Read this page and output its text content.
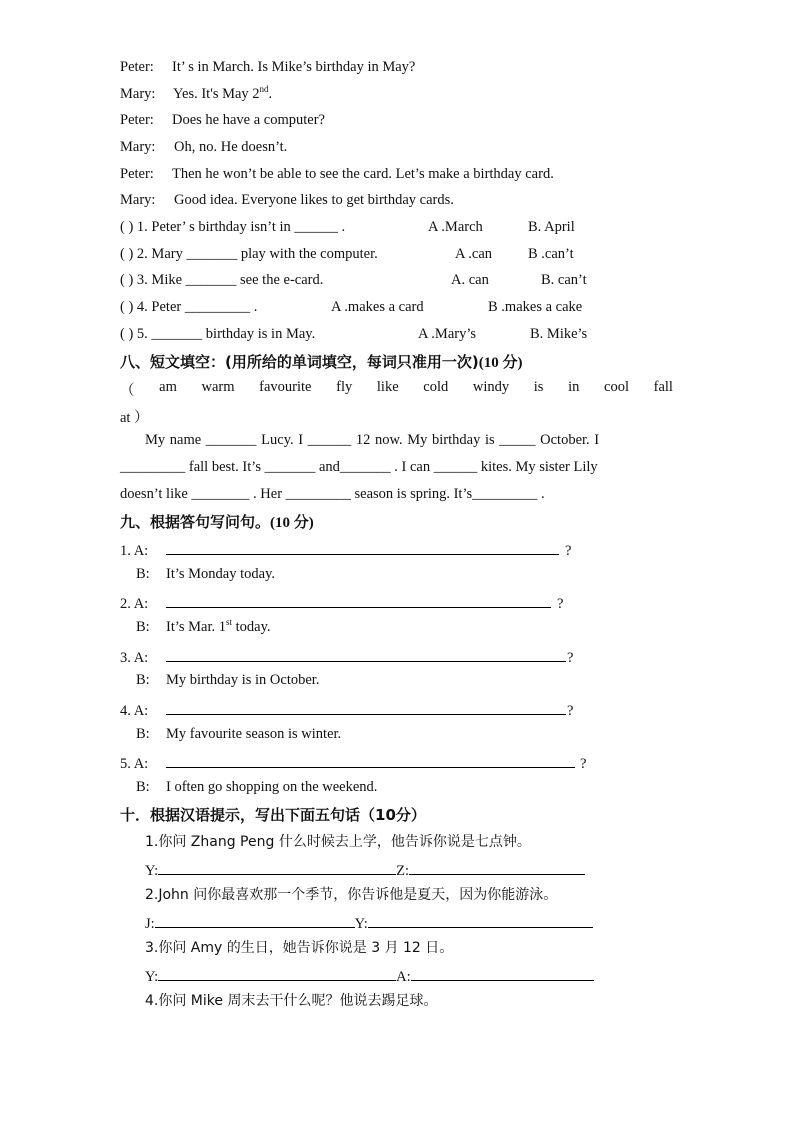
Peter: It’ s in March. Is Mike’s birthday in May?
Mary: Yes. It's May 2nd.
Peter: Does he have a computer?
Mary: Oh, no. He doesn’t.
Peter: Then he won’t be able to see the card. Let’s make a birthday card.
Mary: Good idea. Everyone likes to get birthday cards.
( ) 1. Peter’ s birthday isn’t in ______ .	A .March	B. April
( ) 2. Mary _______ play with the computer.	A .can B .can’t
( ) 3. Mike _______ see the e-card.	A. can	B. can’t
( ) 4. Peter _________ .	A .makes a card	B .makes a cake
( ) 5. _______ birthday is in May.	A .Mary’s	B. Mike’s
八、短文填空：(用所给的单词填空，每词只准用一次)(10 分)
（ am warm favourite fly like cold windy is in cool fall
at ）
My name _______ Lucy. I ______ 12 now. My birthday is _____ October. I
_________ fall best. It’s _______ and_______ . I can ______ kites. My sister Lily
doesn’t like ________ . Her _________ season is spring. It’s_________ .
九、根据答句写问句。(10 分)
1. A:	?
B: It’s Monday today.
2. A:	?
B: It’s Mar. 1st today.
3. A:	?
B: My birthday is in October.
4. A:	?
B: My favourite season is winter.
5. A:	?
B: I often go shopping on the weekend.
十．根据汉语提示，写出下面五句话（10分）
1.你问 Zhang Peng 什么时候去上学，他告诉你说是七点钟。
Y:	Z:
2.John 问你最喜欢那一个季节，你告诉他是夏天，因为你能游泳。
J:	Y:
3.你问 Amy 的生日，她告诉你说是 3 月 12 日。
Y:	A:
4.你问 Mike 周末去干什么呢？他说去踢足球。
